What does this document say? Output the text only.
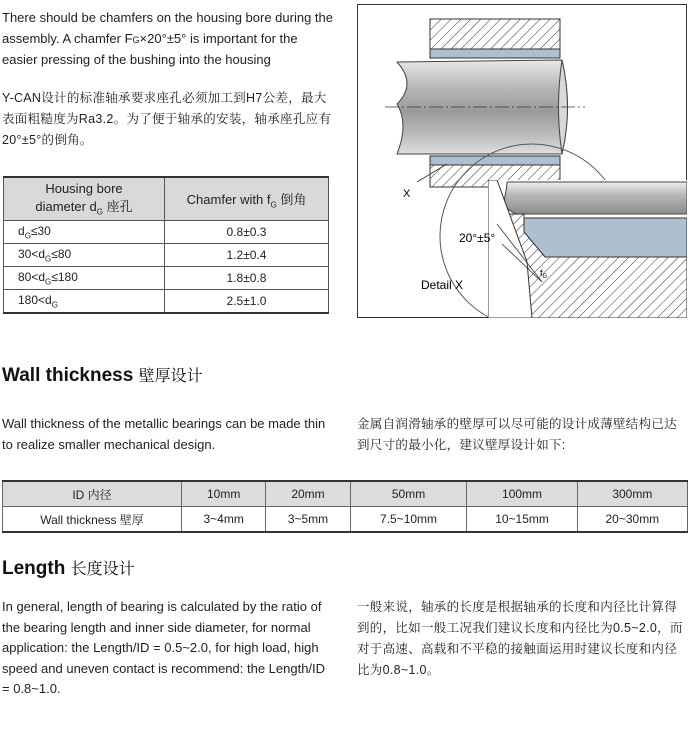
There should be chamfers on the housing bore during the

assembly. A chamfer FG×20°±5° is important for the

easier pressing of the bushing into the housing

Y-CAN设计的标准轴承要求座孔必须加工到H7公差，最大

表面粗糙度为Ra3.2。为了便于轴承的安装，轴承座孔应有

20°±5°的倒角。

Housing bore
diameter $d_G$ 座孔	Chamfer with $f_G$ 倒角
$d_G\le 30$	0.8±0.3
$30<d_G\le 80$	1.2±0.4
$80<d_G\le 180$	1.8±0.8
$180<d_G$	2.5±1.0
X
20°±5°
Detail X
$f_G$
Wall thickness 壁厚设计

Wall thickness of the metallic bearings can be made thin

to realize smaller mechanical design.

金属自润滑轴承的壁厚可以尽可能的设计成薄壁结构已达

到尺寸的最小化，建议壁厚设计如下:

ID 内径	10mm	20mm	50mm	100mm	300mm
Wall thickness 壁厚	3~4mm	3~5mm	7.5~10mm	10~15mm	20~30mm
Length 长度设计

In general, length of bearing is calculated by the ratio of

the bearing length and inner side diameter, for normal

application: the Length/ID = 0.5~2.0, for high load, high

speed and uneven contact is recommend: the Length/ID

= 0.8~1.0.

一般来说，轴承的长度是根据轴承的长度和内径比计算得

到的，比如一般工况我们建议长度和内径比为0.5~2.0，而

对于高速、高载和不平稳的接触面运用时建议长度和内径

比为0.8~1.0。
